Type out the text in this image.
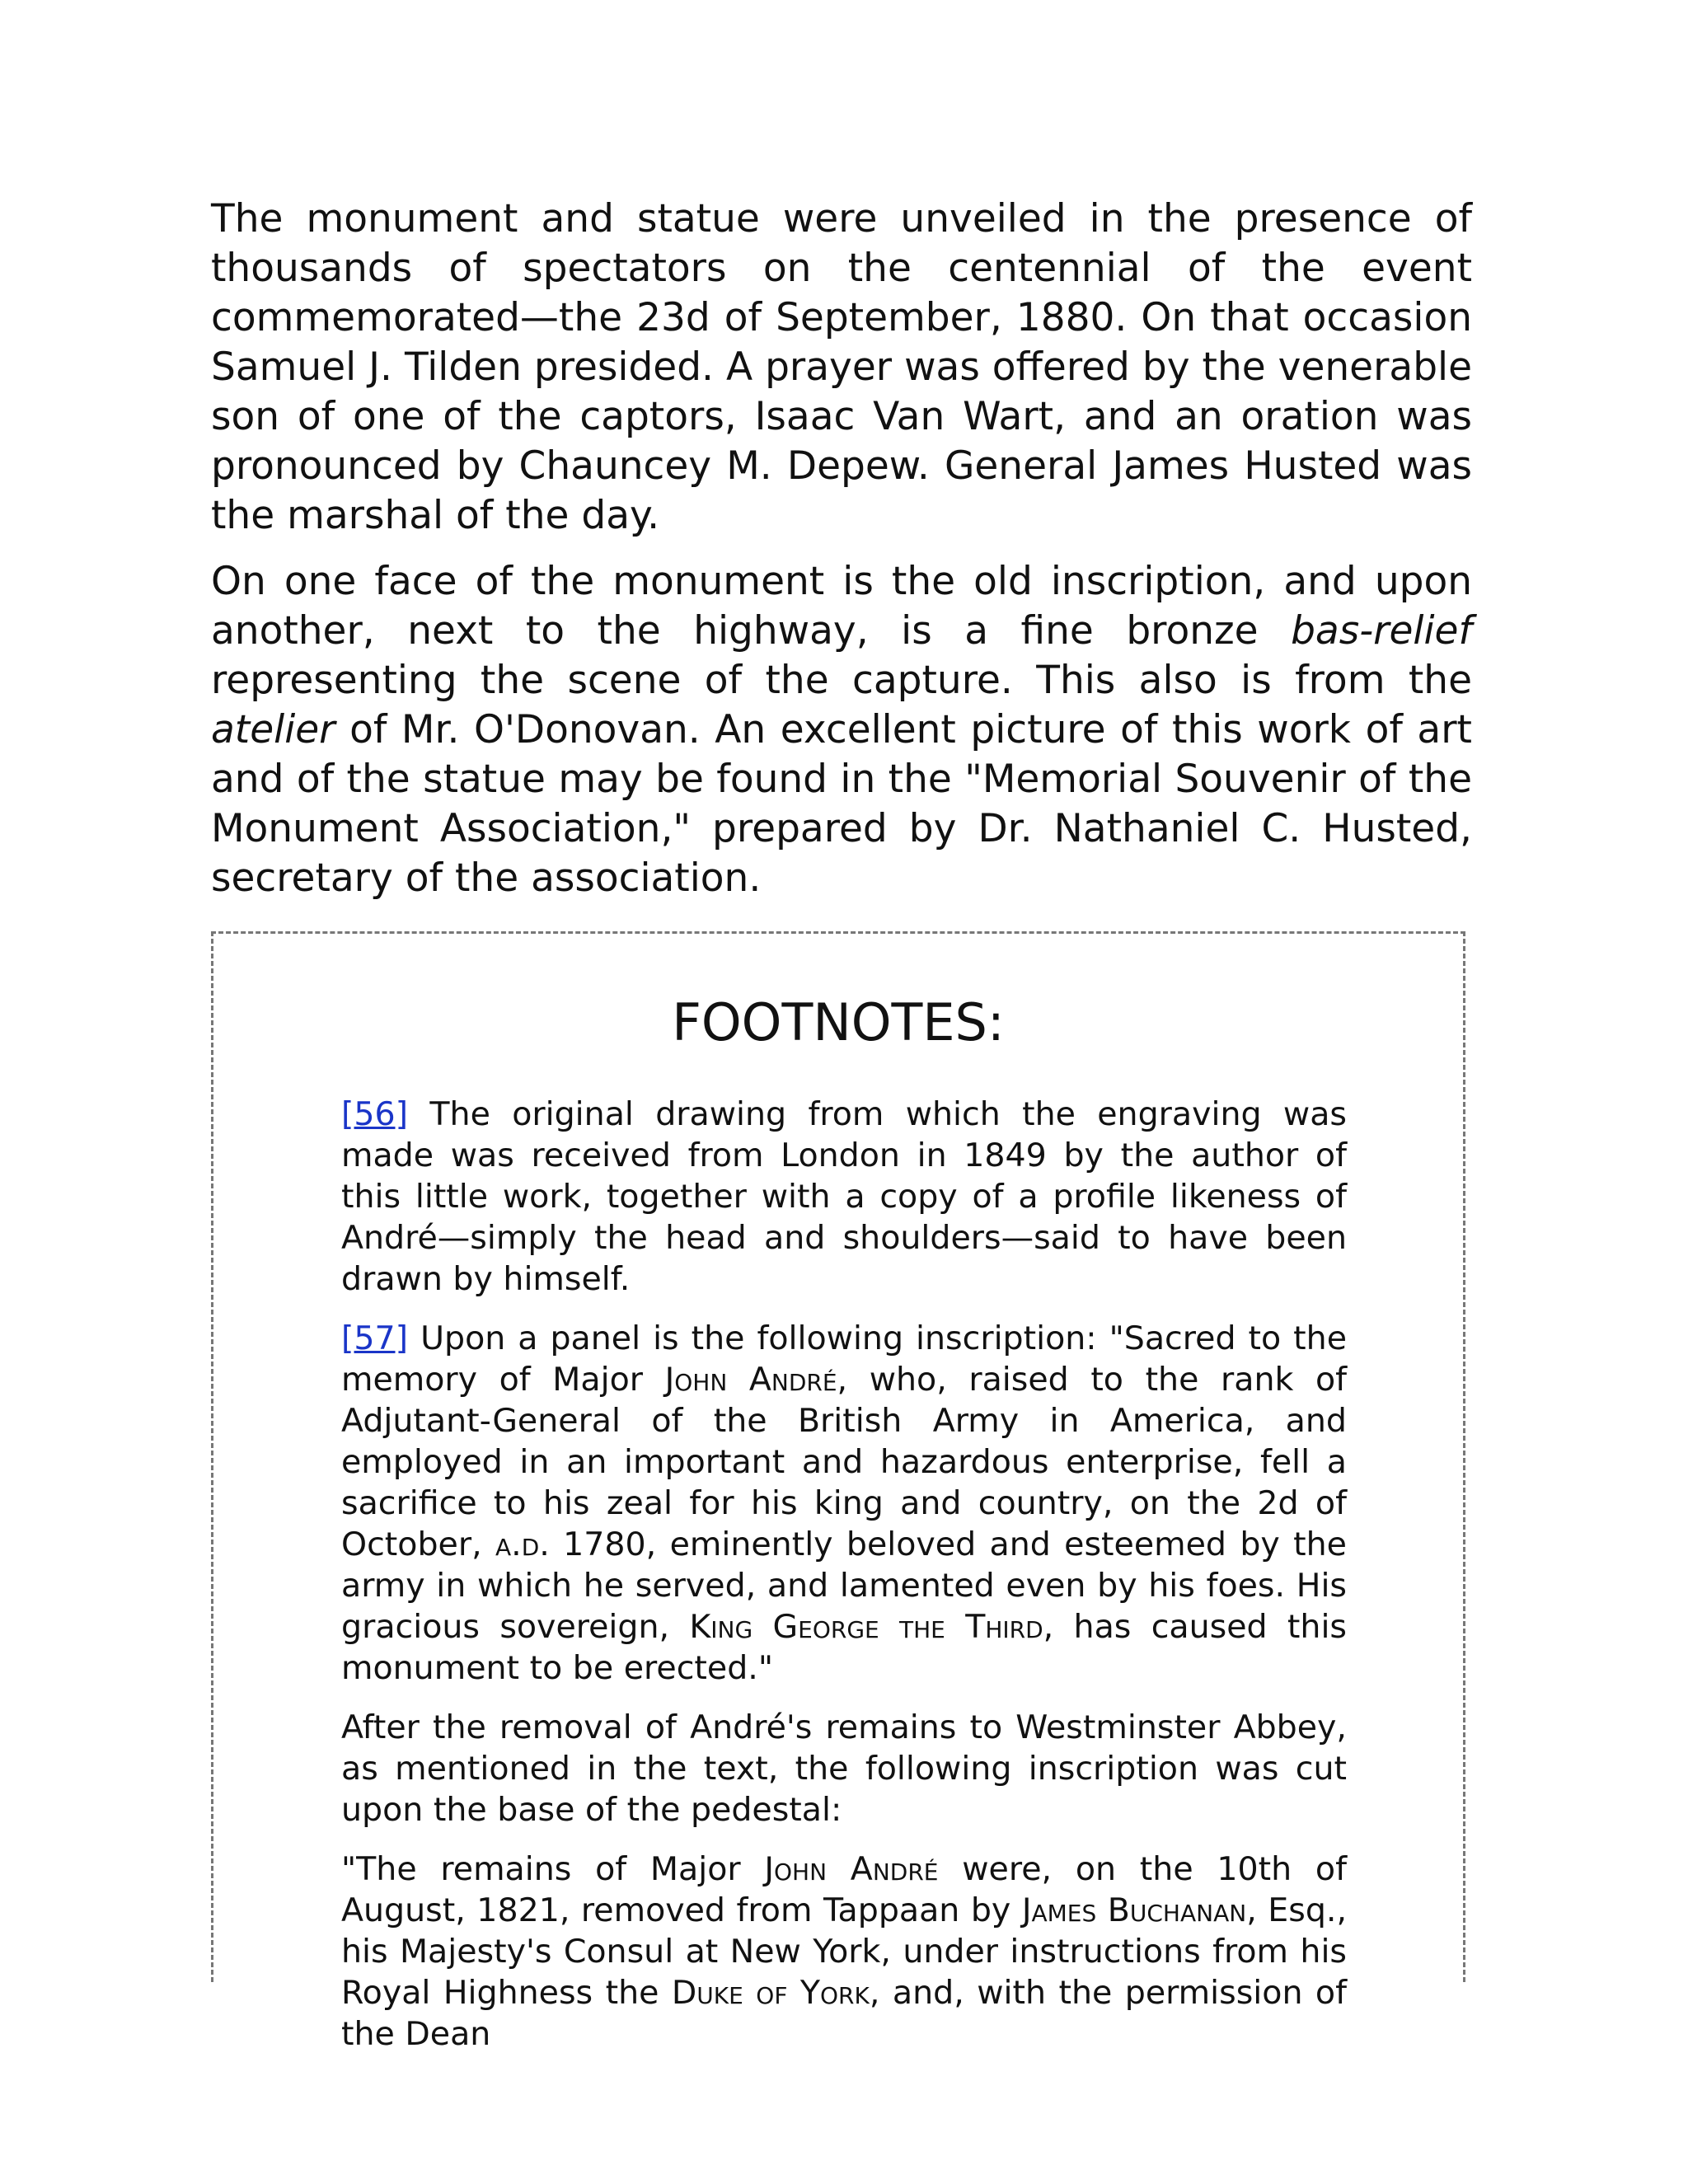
The monument and statue were unveiled in the presence of thousands of spectators on the centennial of the event commemorated—the 23d of September, 1880. On that occasion Samuel J. Tilden presided. A prayer was offered by the venerable son of one of the captors, Isaac Van Wart, and an oration was pronounced by Chauncey M. Depew. General James Husted was the marshal of the day.

On one face of the monument is the old inscription, and upon another, next to the highway, is a fine bronze bas-relief representing the scene of the capture. This also is from the atelier of Mr. O'Donovan. An excellent picture of this work of art and of the statue may be found in the "Memorial Souvenir of the Monument Association," prepared by Dr. Nathaniel C. Husted, secretary of the association.

FOOTNOTES:

[56] The original drawing from which the engraving was made was received from London in 1849 by the author of this little work, together with a copy of a profile likeness of André—simply the head and shoulders—said to have been drawn by himself.

[57] Upon a panel is the following inscription: "Sacred to the memory of Major John André, who, raised to the rank of Adjutant-General of the British Army in America, and employed in an important and hazardous enterprise, fell a sacrifice to his zeal for his king and country, on the 2d of October, a.d. 1780, eminently beloved and esteemed by the army in which he served, and lamented even by his foes. His gracious sovereign, King George the Third, has caused this monument to be erected."

After the removal of André's remains to Westminster Abbey, as mentioned in the text, the following inscription was cut upon the base of the pedestal:

"The remains of Major John André were, on the 10th of August, 1821, removed from Tappaan by James Buchanan, Esq., his Majesty's Consul at New York, under instructions from his Royal Highness the Duke of York, and, with the permission of the Dean
